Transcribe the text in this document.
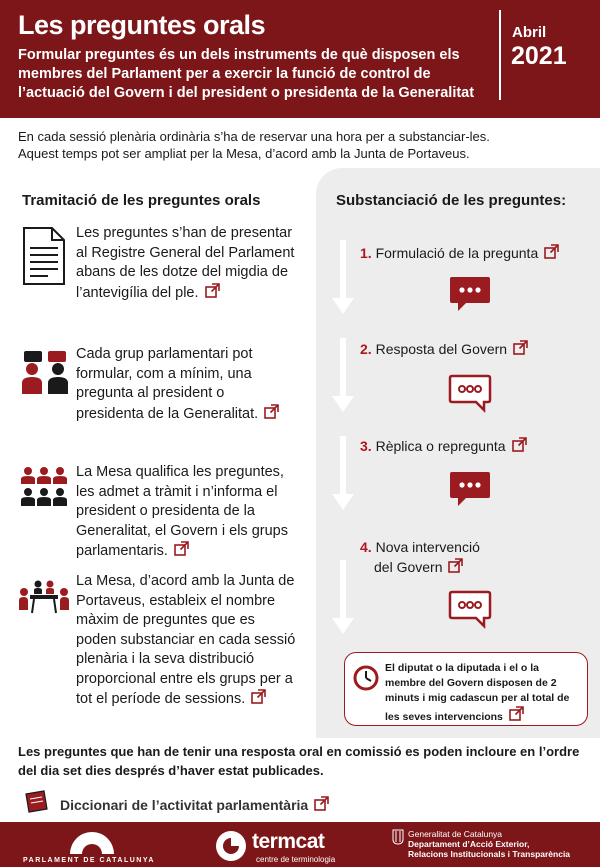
Les preguntes orals
Formular preguntes és un dels instruments de què disposen els membres del Parlament per a exercir la funció de control de l’actuació del Govern i del president o presidenta de la Generalitat
Abril
2021
En cada sessió plenària ordinària s’ha de reservar una hora per a substanciar-les.
Aquest temps pot ser ampliat per la Mesa, d’acord amb la Junta de Portaveus.
Tramitació de les preguntes orals
Les preguntes s’han de presentar al Registre General del Parlament abans de les dotze del migdia de l’antevigília del ple.
Cada grup parlamentari pot formular, com a mínim, una pregunta al president o presidenta de la Generalitat.
La Mesa qualifica les preguntes, les admet a tràmit i n’informa el president o presidenta de la Generalitat, el Govern i els grups parlamentaris.
La Mesa, d’acord amb la Junta de Portaveus, estableix el nombre màxim de preguntes que es poden substanciar en cada sessió plenària i la seva distribució proporcional entre els grups per a tot el període de sessions.
Substanciació de les preguntes:
1. Formulació de la pregunta
2. Resposta del Govern
3. Rèplica o repregunta
4. Nova intervenció
del Govern
El diputat o la diputada i el o la membre del Govern disposen de 2 minuts i mig cadascun per al total de les seves intervencions
Les preguntes que han de tenir una resposta oral en comissió es poden incloure en l’ordre del dia set dies després d’haver estat publicades.
Diccionari de l’activitat parlamentària
PARLAMENT DE CATALUNYA
termcat
centre de terminologia
Generalitat de Catalunya
Departament d’Acció Exterior,
Relacions Institucionals i Transparència
